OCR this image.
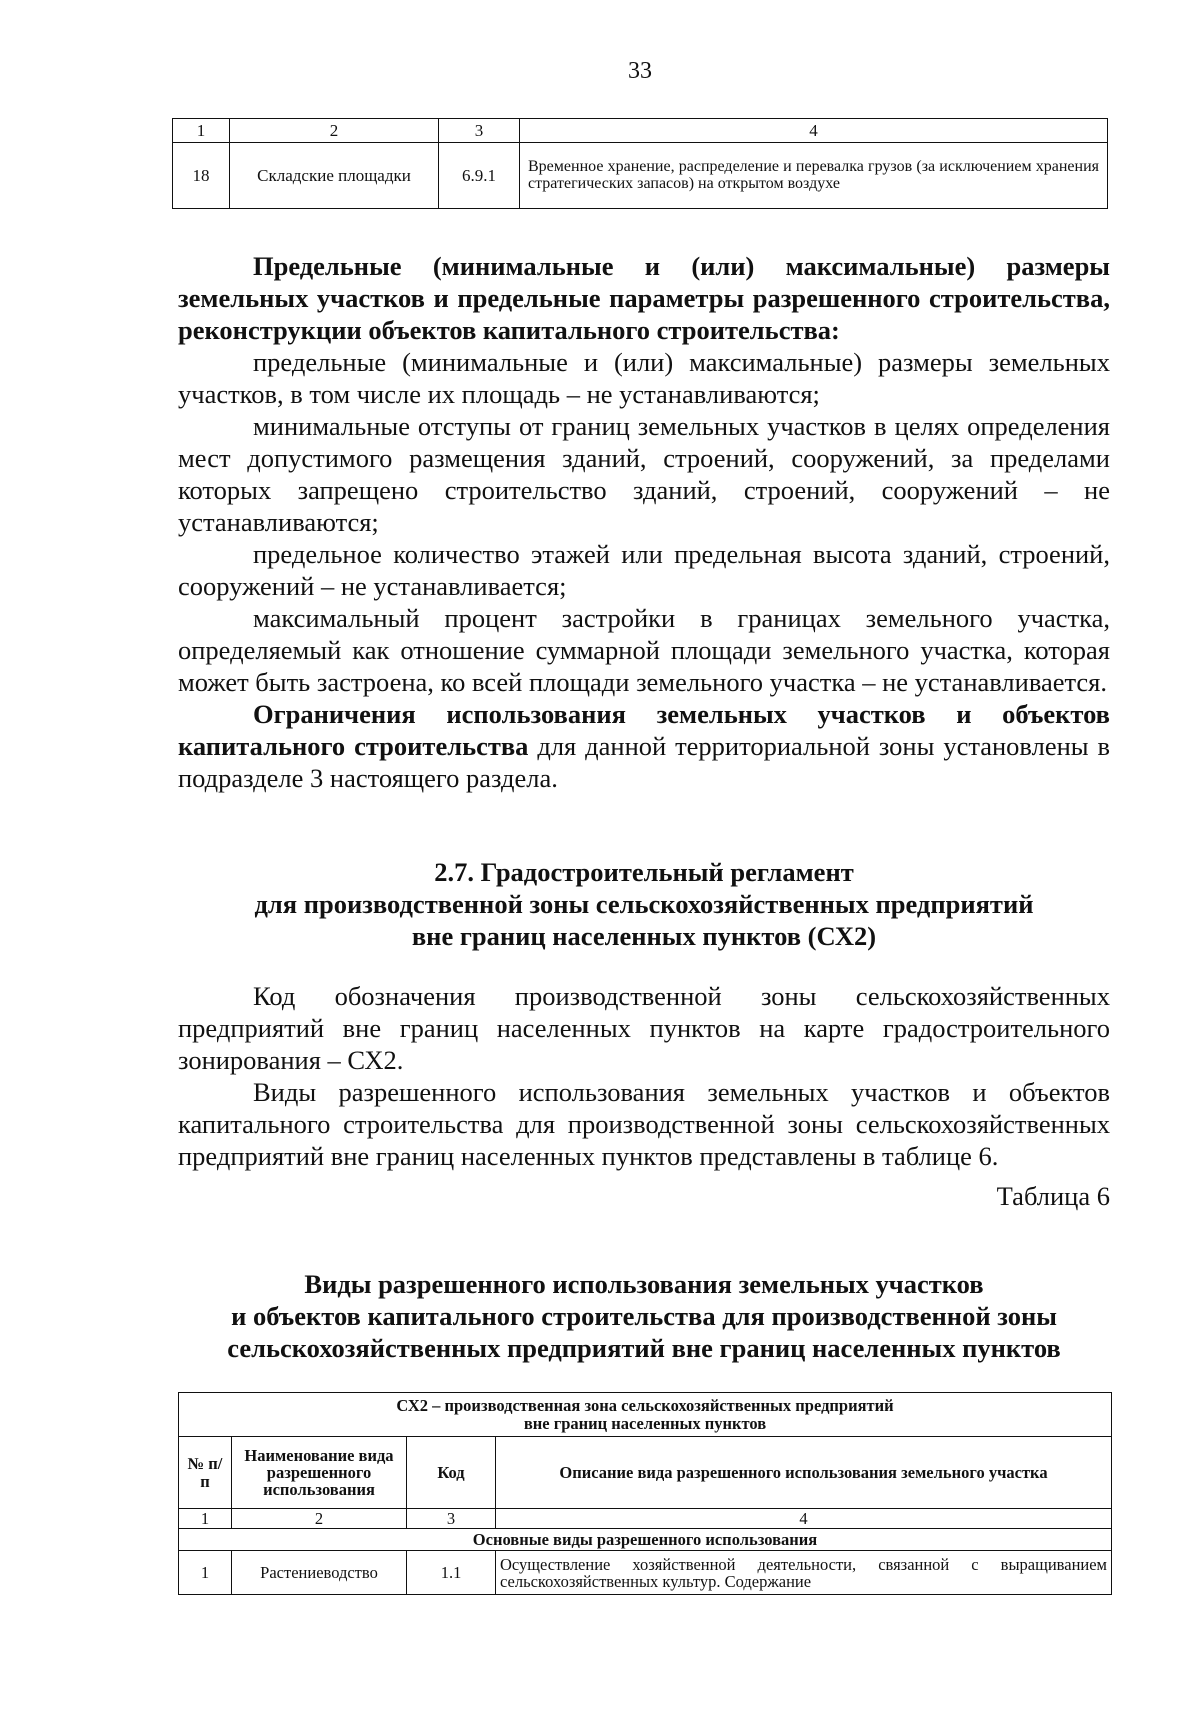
33
1	2	3	4
18	Складские площадки	6.9.1	Временное хранение, распределение и перевалка грузов (за исключением хранения стратегических запасов) на открытом воздухе

Предельные (минимальные и (или) максимальные) размеры земельных участков и предельные параметры разрешенного строительства, реконструкции объектов капитального строительства:

предельные (минимальные и (или) максимальные) размеры земельных участков, в том числе их площадь – не устанавливаются;

минимальные отступы от границ земельных участков в целях определения мест допустимого размещения зданий, строений, сооружений, за пределами которых запрещено строительство зданий, строений, сооружений – не устанавливаются;

предельное количество этажей или предельная высота зданий, строений, сооружений – не устанавливается;

максимальный процент застройки в границах земельного участка, определяемый как отношение суммарной площади земельного участка, которая может быть застроена, ко всей площади земельного участка – не устанавливается.

Ограничения использования земельных участков и объектов капитального строительства для данной территориальной зоны установлены в подразделе 3 настоящего раздела.

2.7. Градостроительный регламент

для производственной зоны сельскохозяйственных предприятий

вне границ населенных пунктов (СХ2)

Код обозначения производственной зоны сельскохозяйственных предприятий вне границ населенных пунктов на карте градостроительного зонирования – СХ2.

Виды разрешенного использования земельных участков и объектов капитального строительства для производственной зоны сельскохозяйственных предприятий вне границ населенных пунктов представлены в таблице 6.

Таблица 6

Виды разрешенного использования земельных участков

и объектов капитального строительства для производственной зоны

сельскохозяйственных предприятий вне границ населенных пунктов

СХ2 – производственная зона сельскохозяйственных предприятий
вне границ населенных пунктов			

№ п/п	Наименование вида разрешенного использования	Код	Описание вида разрешенного использования земельного участка
1	2	3	4
Основные виды разрешенного использования			
1	Растениеводство	1.1	Осуществление хозяйственной деятельности, связанной с выращиванием сельскохозяйственных культур. Содержание
